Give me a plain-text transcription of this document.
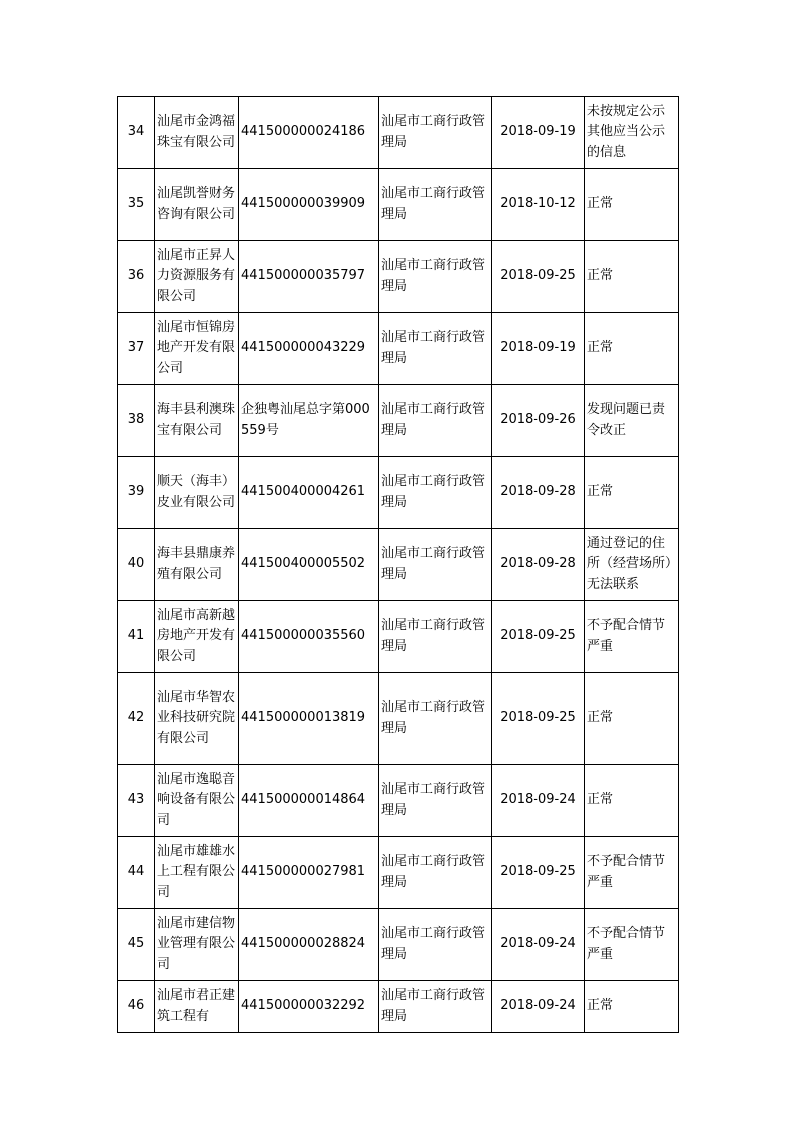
34	汕尾市金鸿福珠宝有限公司	441500000024186	汕尾市工商行政管理局	2018-09-19	未按规定公示其他应当公示的信息
35	汕尾凯誉财务咨询有限公司	441500000039909	汕尾市工商行政管理局	2018-10-12	正常
36	汕尾市正昇人力资源服务有限公司	441500000035797	汕尾市工商行政管理局	2018-09-25	正常
37	汕尾市恒锦房地产开发有限公司	441500000043229	汕尾市工商行政管理局	2018-09-19	正常
38	海丰县利澳珠宝有限公司	企独粤汕尾总字第000559号	汕尾市工商行政管理局	2018-09-26	发现问题已责令改正
39	顺天（海丰）皮业有限公司	441500400004261	汕尾市工商行政管理局	2018-09-28	正常
40	海丰县鼎康养殖有限公司	441500400005502	汕尾市工商行政管理局	2018-09-28	通过登记的住所（经营场所）无法联系
41	汕尾市高新越房地产开发有限公司	441500000035560	汕尾市工商行政管理局	2018-09-25	不予配合情节严重
42	汕尾市华智农业科技研究院有限公司	441500000013819	汕尾市工商行政管理局	2018-09-25	正常
43	汕尾市逸聪音响设备有限公司	441500000014864	汕尾市工商行政管理局	2018-09-24	正常
44	汕尾市雄雄水上工程有限公司	441500000027981	汕尾市工商行政管理局	2018-09-25	不予配合情节严重
45	汕尾市建信物业管理有限公司	441500000028824	汕尾市工商行政管理局	2018-09-24	不予配合情节严重
46	汕尾市君正建筑工程有	441500000032292	汕尾市工商行政管理局	2018-09-24	正常
